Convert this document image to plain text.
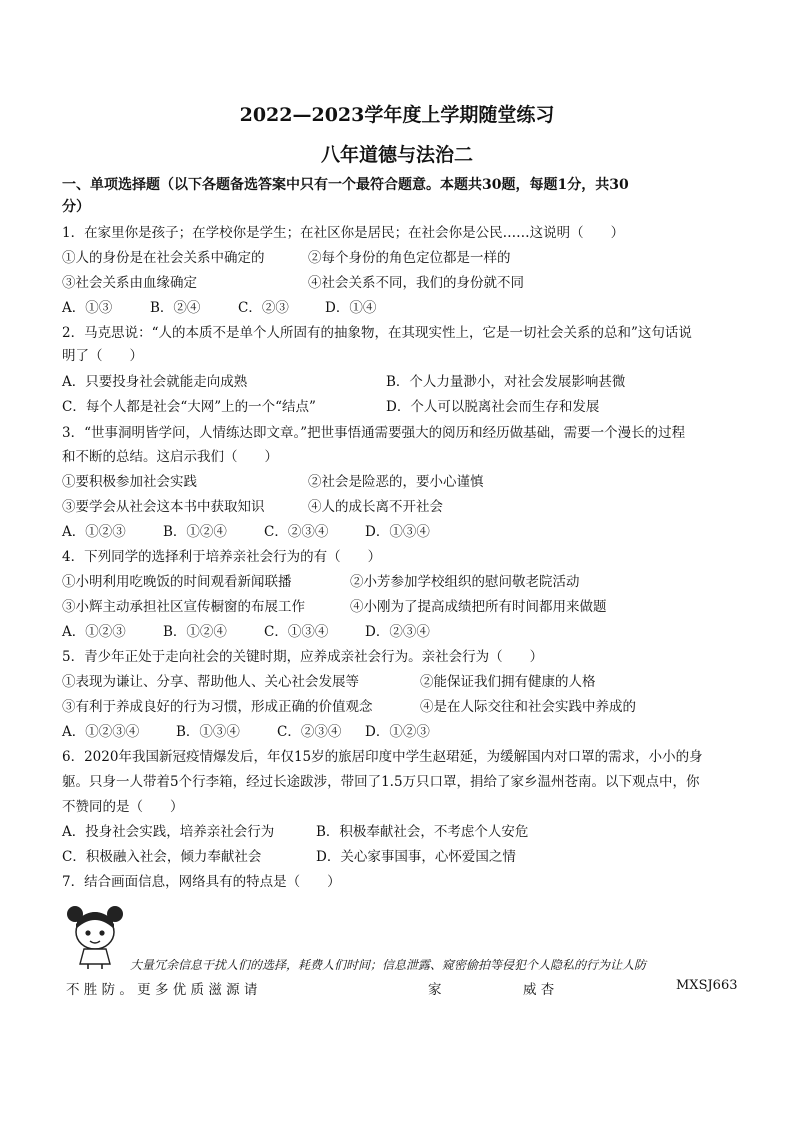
2022—2023学年度上学期随堂练习
八年道德与法治二
一、单项选择题（以下各题备选答案中只有一个最符合题意。本题共30题，每题1分，共30
分）
1．在家里你是孩子；在学校你是学生；在社区你是居民；在社会你是公民……这说明（　　）
①人的身份是在社会关系中确定的	②每个身份的角色定位都是一样的
③社会关系由血缘确定	④社会关系不同，我们的身份就不同
A．①③	B．②④	C．②③	D．①④
2．马克思说：“人的本质不是单个人所固有的抽象物，在其现实性上，它是一切社会关系的总和”这句话说
明了（　　）
A．只要投身社会就能走向成熟	B．个人力量渺小，对社会发展影响甚微
C．每个人都是社会“大网”上的一个“结点”	D．个人可以脱离社会而生存和发展
3．“世事洞明皆学问，人情练达即文章。”把世事悟通需要强大的阅历和经历做基础，需要一个漫长的过程
和不断的总结。这启示我们（　　）
①要积极参加社会实践	②社会是险恶的，要小心谨慎
③要学会从社会这本书中获取知识	④人的成长离不开社会
A．①②③	B．①②④	C．②③④	D．①③④
4．下列同学的选择利于培养亲社会行为的有（　　）
①小明利用吃晚饭的时间观看新闻联播	②小芳参加学校组织的慰问敬老院活动
③小辉主动承担社区宣传橱窗的布展工作	④小刚为了提高成绩把所有时间都用来做题
A．①②③	B．①②④	C．①③④	D．②③④
5．青少年正处于走向社会的关键时期，应养成亲社会行为。亲社会行为（　　）
①表现为谦让、分享、帮助他人、关心社会发展等	②能保证我们拥有健康的人格
③有利于养成良好的行为习惯，形成正确的价值观念	④是在人际交往和社会实践中养成的
A．①②③④	B．①③④	C．②③④ D．①②③
6．2020年我国新冠疫情爆发后，年仅15岁的旅居印度中学生赵珺延，为缓解国内对口罩的需求，小小的身
躯。只身一人带着5个行李箱，经过长途跋涉，带回了1.5万只口罩，捐给了家乡温州苍南。以下观点中，你
不赞同的是（　　）
A．投身社会实践，培养亲社会行为	B．积极奉献社会，不考虑个人安危
C．积极融入社会，倾力奉献社会	D．关心家事国事，心怀爱国之情
7．结合画面信息，网络具有的特点是（　　）
大量冗余信息干扰人们的选择，耗费人们时间；信息泄露、窥密偷拍等侵犯个人隐私的行为让人防
不 胜 防 。 更 多 优 质 滋 源 请	家	威 杏	MXSJ663
